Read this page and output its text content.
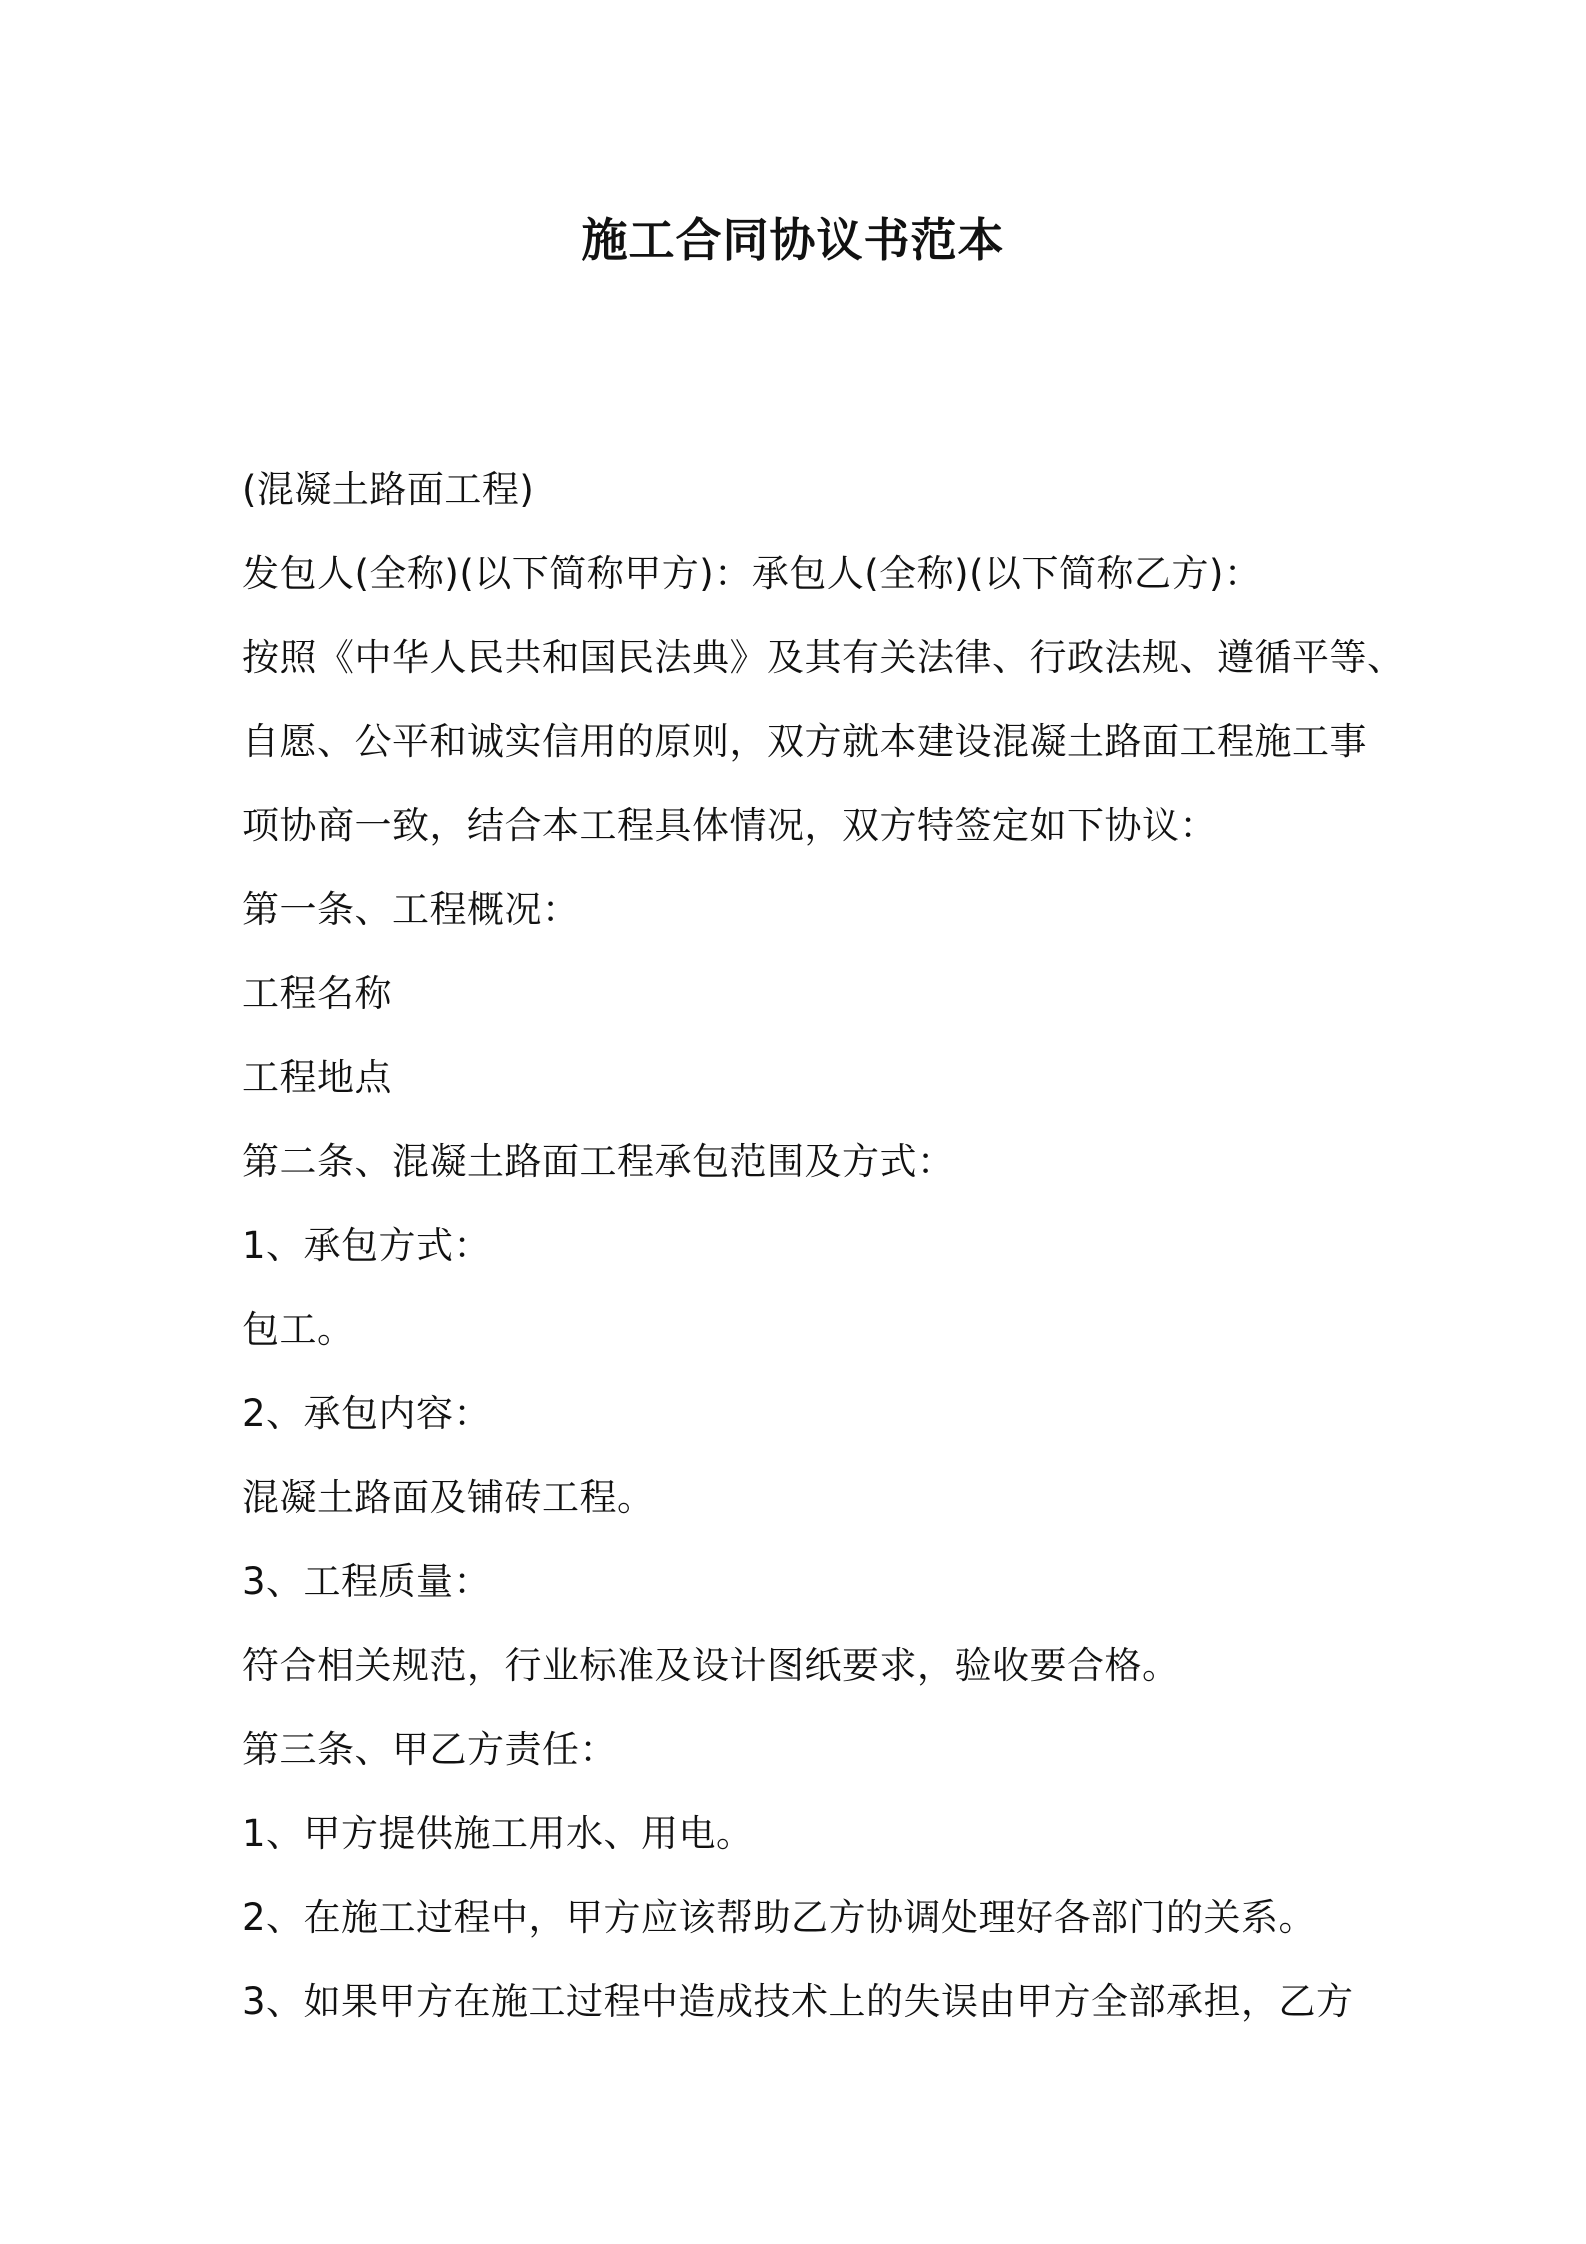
施工合同协议书范本
(混凝土路面工程)
发包人(全称)(以下简称甲方)：承包人(全称)(以下简称乙方)：
按照《中华人民共和国民法典》及其有关法律、行政法规、遵循平等、
自愿、公平和诚实信用的原则，双方就本建设混凝土路面工程施工事
项协商一致，结合本工程具体情况，双方特签定如下协议：
第一条、工程概况：
工程名称
工程地点
第二条、混凝土路面工程承包范围及方式：
1、承包方式：
包工。
2、承包内容：
混凝土路面及铺砖工程。
3、工程质量：
符合相关规范，行业标准及设计图纸要求，验收要合格。
第三条、甲乙方责任：
1、甲方提供施工用水、用电。
2、在施工过程中，甲方应该帮助乙方协调处理好各部门的关系。
3、如果甲方在施工过程中造成技术上的失误由甲方全部承担，乙方
